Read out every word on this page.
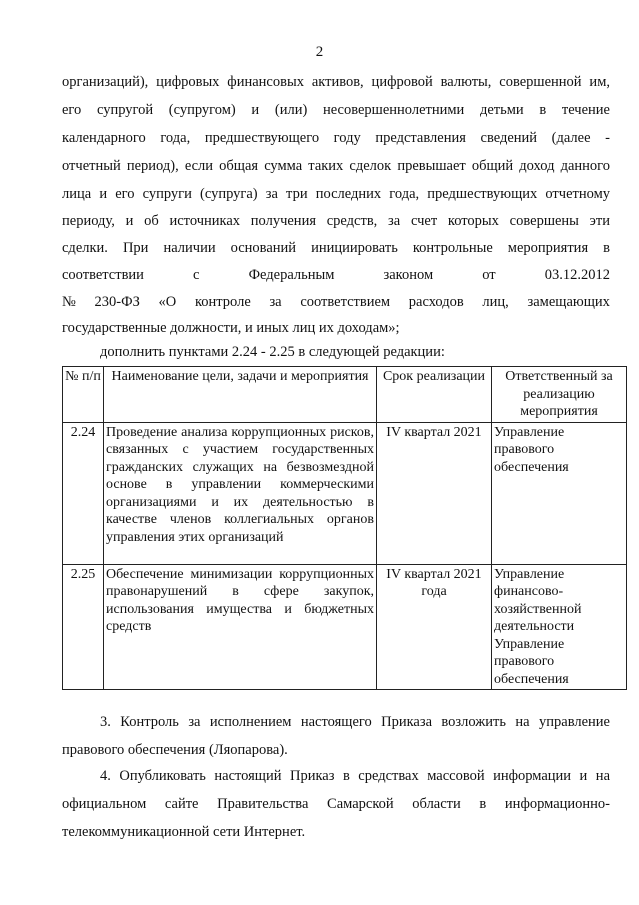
2
организаций), цифровых финансовых активов, цифровой валюты, совершенной им,
его супругой (супругом) и (или) несовершеннолетними детьми в течение
календарного года, предшествующего году представления сведений (далее -
отчетный период), если общая сумма таких сделок превышает общий доход данного
лица и его супруги (супруга) за три последних года, предшествующих отчетному
периоду, и об источниках получения средств, за счет которых совершены эти
сделки. При наличии оснований инициировать контрольные мероприятия в
соответствии	с	Федеральным	законом	от	03.12.2012
№ 230-ФЗ «О контроле за соответствием расходов лиц, замещающих
государственные должности, и иных лиц их доходам»;
дополнить пунктами 2.24 - 2.25 в следующей редакции:
№ п/п	Наименование цели, задачи и мероприятия	Срок реализации	Ответственный за реализацию мероприятия
2.24	Проведение анализа коррупционных рисков, связанных с участием государственных гражданских служащих на безвозмездной основе в управлении коммерческими организациями и их деятельностью в качестве членов коллегиальных органов управления этих организаций	IV квартал 2021	Управление правового обеспечения

2.25	Обеспечение минимизации коррупционных правонарушений в сфере закупок, использования имущества и бюджетных средств	IV квартал 2021 года	Управление финансово-хозяйственной деятельности
Управление правового обеспечения

3. Контроль за исполнением настоящего Приказа возложить на управление правового обеспечения (Ляопарова).

4. Опубликовать настоящий Приказ в средствах массовой информации и на официальном сайте Правительства Самарской области в информационно-телекоммуникационной сети Интернет.
